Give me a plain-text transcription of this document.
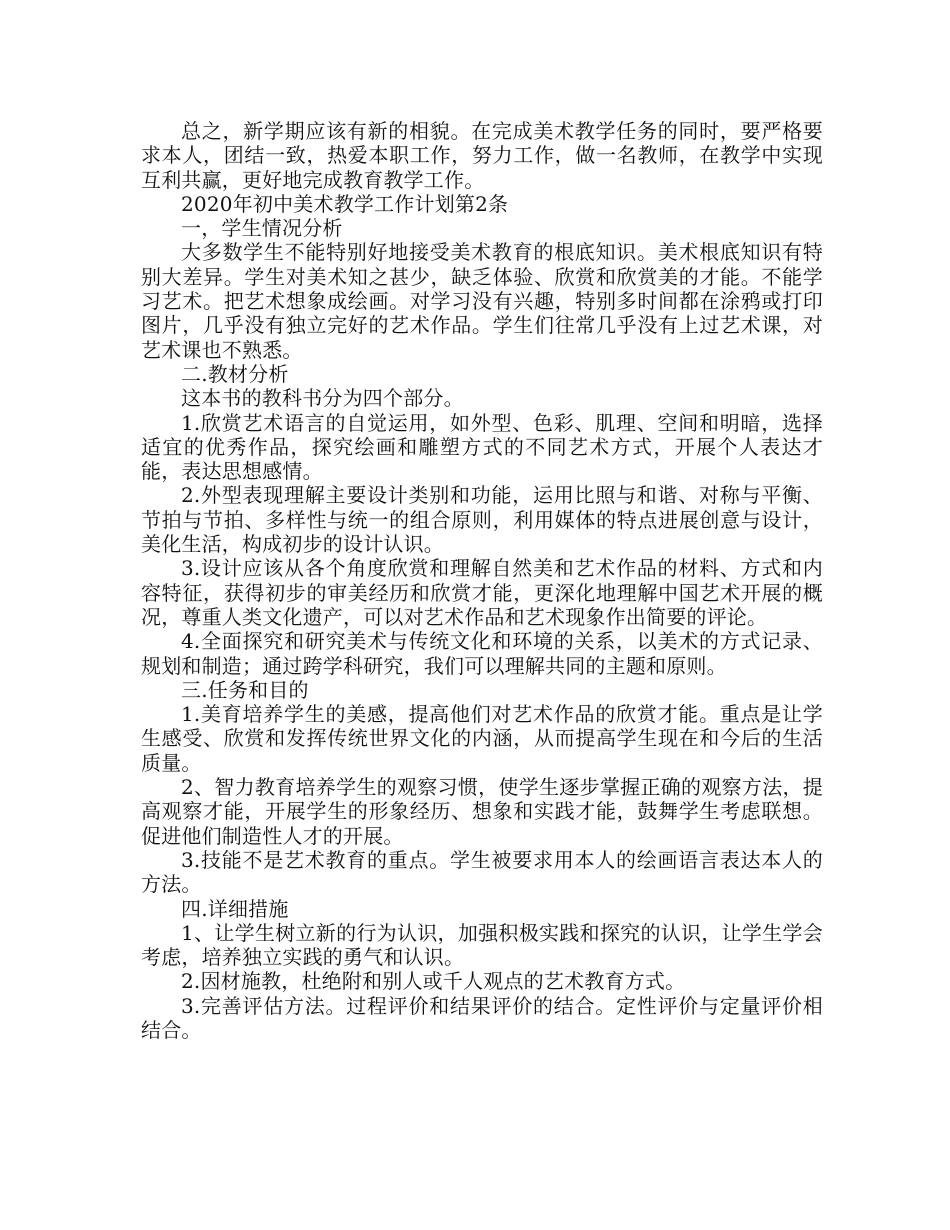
总之，新学期应该有新的相貌。在完成美术教学任务的同时，要严格要求本人，团结一致，热爱本职工作，努力工作，做一名教师，在教学中实现互利共赢，更好地完成教育教学工作。

2020年初中美术教学工作计划第2条

一，学生情况分析

大多数学生不能特别好地接受美术教育的根底知识。美术根底知识有特别大差异。学生对美术知之甚少，缺乏体验、欣赏和欣赏美的才能。不能学习艺术。把艺术想象成绘画。对学习没有兴趣，特别多时间都在涂鸦或打印图片，几乎没有独立完好的艺术作品。学生们往常几乎没有上过艺术课，对艺术课也不熟悉。

二.教材分析

这本书的教科书分为四个部分。

1.欣赏艺术语言的自觉运用，如外型、色彩、肌理、空间和明暗，选择适宜的优秀作品，探究绘画和雕塑方式的不同艺术方式，开展个人表达才能，表达思想感情。

2.外型表现理解主要设计类别和功能，运用比照与和谐、对称与平衡、节拍与节拍、多样性与统一的组合原则，利用媒体的特点进展创意与设计，美化生活，构成初步的设计认识。

3.设计应该从各个角度欣赏和理解自然美和艺术作品的材料、方式和内容特征，获得初步的审美经历和欣赏才能，更深化地理解中国艺术开展的概况，尊重人类文化遗产，可以对艺术作品和艺术现象作出简要的评论。

4.全面探究和研究美术与传统文化和环境的关系，以美术的方式记录、规划和制造；通过跨学科研究，我们可以理解共同的主题和原则。

三.任务和目的

1.美育培养学生的美感，提高他们对艺术作品的欣赏才能。重点是让学生感受、欣赏和发挥传统世界文化的内涵，从而提高学生现在和今后的生活质量。

2、智力教育培养学生的观察习惯，使学生逐步掌握正确的观察方法，提高观察才能，开展学生的形象经历、想象和实践才能，鼓舞学生考虑联想。促进他们制造性人才的开展。

3.技能不是艺术教育的重点。学生被要求用本人的绘画语言表达本人的方法。

四.详细措施

1、让学生树立新的行为认识，加强积极实践和探究的认识，让学生学会考虑，培养独立实践的勇气和认识。

2.因材施教，杜绝附和别人或千人观点的艺术教育方式。

3.完善评估方法。过程评价和结果评价的结合。定性评价与定量评价相结合。
